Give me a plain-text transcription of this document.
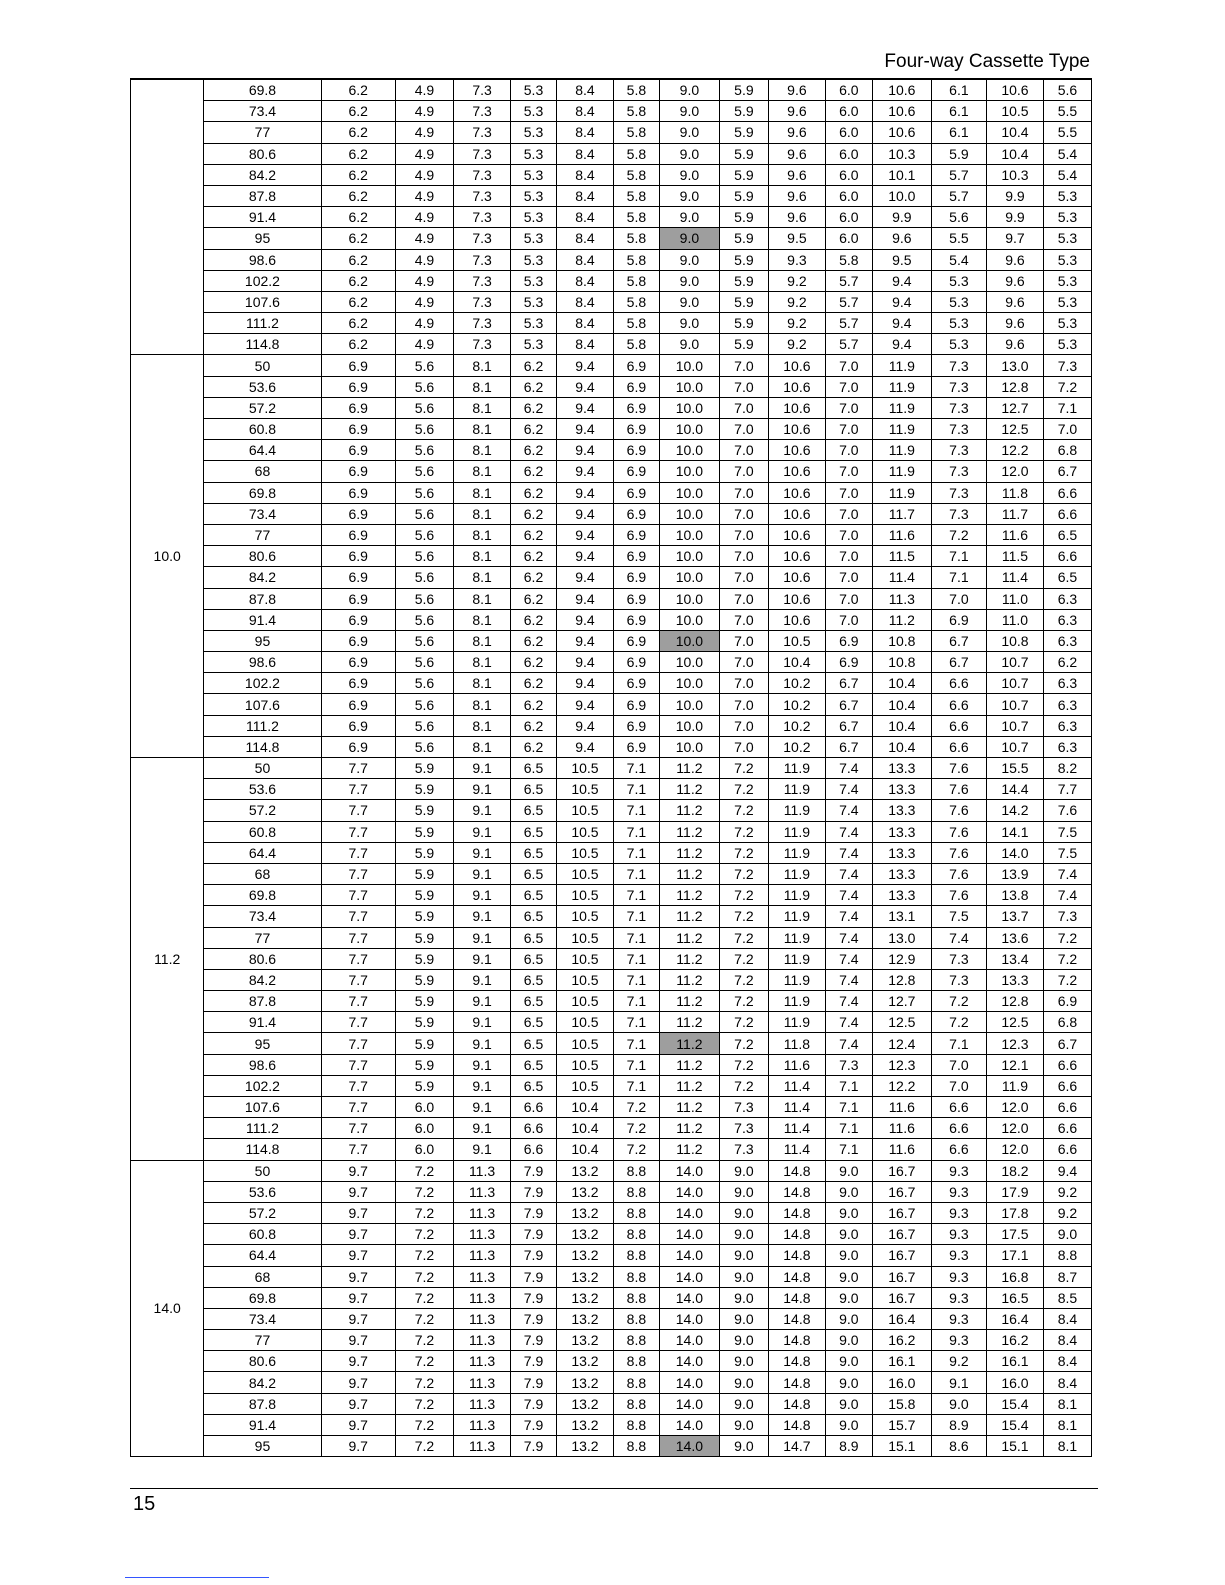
Four-way Cassette Type
	69.8	6.2	4.9	7.3	5.3	8.4	5.8	9.0	5.9	9.6	6.0	10.6	6.1	10.6	5.6
	73.4	6.2	4.9	7.3	5.3	8.4	5.8	9.0	5.9	9.6	6.0	10.6	6.1	10.5	5.5
	77	6.2	4.9	7.3	5.3	8.4	5.8	9.0	5.9	9.6	6.0	10.6	6.1	10.4	5.5
	80.6	6.2	4.9	7.3	5.3	8.4	5.8	9.0	5.9	9.6	6.0	10.3	5.9	10.4	5.4
	84.2	6.2	4.9	7.3	5.3	8.4	5.8	9.0	5.9	9.6	6.0	10.1	5.7	10.3	5.4
	87.8	6.2	4.9	7.3	5.3	8.4	5.8	9.0	5.9	9.6	6.0	10.0	5.7	9.9	5.3
	91.4	6.2	4.9	7.3	5.3	8.4	5.8	9.0	5.9	9.6	6.0	9.9	5.6	9.9	5.3
	95	6.2	4.9	7.3	5.3	8.4	5.8	9.0	5.9	9.5	6.0	9.6	5.5	9.7	5.3
	98.6	6.2	4.9	7.3	5.3	8.4	5.8	9.0	5.9	9.3	5.8	9.5	5.4	9.6	5.3
	102.2	6.2	4.9	7.3	5.3	8.4	5.8	9.0	5.9	9.2	5.7	9.4	5.3	9.6	5.3
	107.6	6.2	4.9	7.3	5.3	8.4	5.8	9.0	5.9	9.2	5.7	9.4	5.3	9.6	5.3
	111.2	6.2	4.9	7.3	5.3	8.4	5.8	9.0	5.9	9.2	5.7	9.4	5.3	9.6	5.3
	114.8	6.2	4.9	7.3	5.3	8.4	5.8	9.0	5.9	9.2	5.7	9.4	5.3	9.6	5.3
10.0	50	6.9	5.6	8.1	6.2	9.4	6.9	10.0	7.0	10.6	7.0	11.9	7.3	13.0	7.3
	53.6	6.9	5.6	8.1	6.2	9.4	6.9	10.0	7.0	10.6	7.0	11.9	7.3	12.8	7.2
	57.2	6.9	5.6	8.1	6.2	9.4	6.9	10.0	7.0	10.6	7.0	11.9	7.3	12.7	7.1
	60.8	6.9	5.6	8.1	6.2	9.4	6.9	10.0	7.0	10.6	7.0	11.9	7.3	12.5	7.0
	64.4	6.9	5.6	8.1	6.2	9.4	6.9	10.0	7.0	10.6	7.0	11.9	7.3	12.2	6.8
	68	6.9	5.6	8.1	6.2	9.4	6.9	10.0	7.0	10.6	7.0	11.9	7.3	12.0	6.7
	69.8	6.9	5.6	8.1	6.2	9.4	6.9	10.0	7.0	10.6	7.0	11.9	7.3	11.8	6.6
	73.4	6.9	5.6	8.1	6.2	9.4	6.9	10.0	7.0	10.6	7.0	11.7	7.3	11.7	6.6
	77	6.9	5.6	8.1	6.2	9.4	6.9	10.0	7.0	10.6	7.0	11.6	7.2	11.6	6.5
	80.6	6.9	5.6	8.1	6.2	9.4	6.9	10.0	7.0	10.6	7.0	11.5	7.1	11.5	6.6
	84.2	6.9	5.6	8.1	6.2	9.4	6.9	10.0	7.0	10.6	7.0	11.4	7.1	11.4	6.5
	87.8	6.9	5.6	8.1	6.2	9.4	6.9	10.0	7.0	10.6	7.0	11.3	7.0	11.0	6.3
	91.4	6.9	5.6	8.1	6.2	9.4	6.9	10.0	7.0	10.6	7.0	11.2	6.9	11.0	6.3
	95	6.9	5.6	8.1	6.2	9.4	6.9	10.0	7.0	10.5	6.9	10.8	6.7	10.8	6.3
	98.6	6.9	5.6	8.1	6.2	9.4	6.9	10.0	7.0	10.4	6.9	10.8	6.7	10.7	6.2
	102.2	6.9	5.6	8.1	6.2	9.4	6.9	10.0	7.0	10.2	6.7	10.4	6.6	10.7	6.3
	107.6	6.9	5.6	8.1	6.2	9.4	6.9	10.0	7.0	10.2	6.7	10.4	6.6	10.7	6.3
	111.2	6.9	5.6	8.1	6.2	9.4	6.9	10.0	7.0	10.2	6.7	10.4	6.6	10.7	6.3
	114.8	6.9	5.6	8.1	6.2	9.4	6.9	10.0	7.0	10.2	6.7	10.4	6.6	10.7	6.3
11.2	50	7.7	5.9	9.1	6.5	10.5	7.1	11.2	7.2	11.9	7.4	13.3	7.6	15.5	8.2
	53.6	7.7	5.9	9.1	6.5	10.5	7.1	11.2	7.2	11.9	7.4	13.3	7.6	14.4	7.7
	57.2	7.7	5.9	9.1	6.5	10.5	7.1	11.2	7.2	11.9	7.4	13.3	7.6	14.2	7.6
	60.8	7.7	5.9	9.1	6.5	10.5	7.1	11.2	7.2	11.9	7.4	13.3	7.6	14.1	7.5
	64.4	7.7	5.9	9.1	6.5	10.5	7.1	11.2	7.2	11.9	7.4	13.3	7.6	14.0	7.5
	68	7.7	5.9	9.1	6.5	10.5	7.1	11.2	7.2	11.9	7.4	13.3	7.6	13.9	7.4
	69.8	7.7	5.9	9.1	6.5	10.5	7.1	11.2	7.2	11.9	7.4	13.3	7.6	13.8	7.4
	73.4	7.7	5.9	9.1	6.5	10.5	7.1	11.2	7.2	11.9	7.4	13.1	7.5	13.7	7.3
	77	7.7	5.9	9.1	6.5	10.5	7.1	11.2	7.2	11.9	7.4	13.0	7.4	13.6	7.2
	80.6	7.7	5.9	9.1	6.5	10.5	7.1	11.2	7.2	11.9	7.4	12.9	7.3	13.4	7.2
	84.2	7.7	5.9	9.1	6.5	10.5	7.1	11.2	7.2	11.9	7.4	12.8	7.3	13.3	7.2
	87.8	7.7	5.9	9.1	6.5	10.5	7.1	11.2	7.2	11.9	7.4	12.7	7.2	12.8	6.9
	91.4	7.7	5.9	9.1	6.5	10.5	7.1	11.2	7.2	11.9	7.4	12.5	7.2	12.5	6.8
	95	7.7	5.9	9.1	6.5	10.5	7.1	11.2	7.2	11.8	7.4	12.4	7.1	12.3	6.7
	98.6	7.7	5.9	9.1	6.5	10.5	7.1	11.2	7.2	11.6	7.3	12.3	7.0	12.1	6.6
	102.2	7.7	5.9	9.1	6.5	10.5	7.1	11.2	7.2	11.4	7.1	12.2	7.0	11.9	6.6
	107.6	7.7	6.0	9.1	6.6	10.4	7.2	11.2	7.3	11.4	7.1	11.6	6.6	12.0	6.6
	111.2	7.7	6.0	9.1	6.6	10.4	7.2	11.2	7.3	11.4	7.1	11.6	6.6	12.0	6.6
	114.8	7.7	6.0	9.1	6.6	10.4	7.2	11.2	7.3	11.4	7.1	11.6	6.6	12.0	6.6
14.0	50	9.7	7.2	11.3	7.9	13.2	8.8	14.0	9.0	14.8	9.0	16.7	9.3	18.2	9.4
	53.6	9.7	7.2	11.3	7.9	13.2	8.8	14.0	9.0	14.8	9.0	16.7	9.3	17.9	9.2
	57.2	9.7	7.2	11.3	7.9	13.2	8.8	14.0	9.0	14.8	9.0	16.7	9.3	17.8	9.2
	60.8	9.7	7.2	11.3	7.9	13.2	8.8	14.0	9.0	14.8	9.0	16.7	9.3	17.5	9.0
	64.4	9.7	7.2	11.3	7.9	13.2	8.8	14.0	9.0	14.8	9.0	16.7	9.3	17.1	8.8
	68	9.7	7.2	11.3	7.9	13.2	8.8	14.0	9.0	14.8	9.0	16.7	9.3	16.8	8.7
	69.8	9.7	7.2	11.3	7.9	13.2	8.8	14.0	9.0	14.8	9.0	16.7	9.3	16.5	8.5
	73.4	9.7	7.2	11.3	7.9	13.2	8.8	14.0	9.0	14.8	9.0	16.4	9.3	16.4	8.4
	77	9.7	7.2	11.3	7.9	13.2	8.8	14.0	9.0	14.8	9.0	16.2	9.3	16.2	8.4
	80.6	9.7	7.2	11.3	7.9	13.2	8.8	14.0	9.0	14.8	9.0	16.1	9.2	16.1	8.4
	84.2	9.7	7.2	11.3	7.9	13.2	8.8	14.0	9.0	14.8	9.0	16.0	9.1	16.0	8.4
	87.8	9.7	7.2	11.3	7.9	13.2	8.8	14.0	9.0	14.8	9.0	15.8	9.0	15.4	8.1
	91.4	9.7	7.2	11.3	7.9	13.2	8.8	14.0	9.0	14.8	9.0	15.7	8.9	15.4	8.1
	95	9.7	7.2	11.3	7.9	13.2	8.8	14.0	9.0	14.7	8.9	15.1	8.6	15.1	8.1
15
